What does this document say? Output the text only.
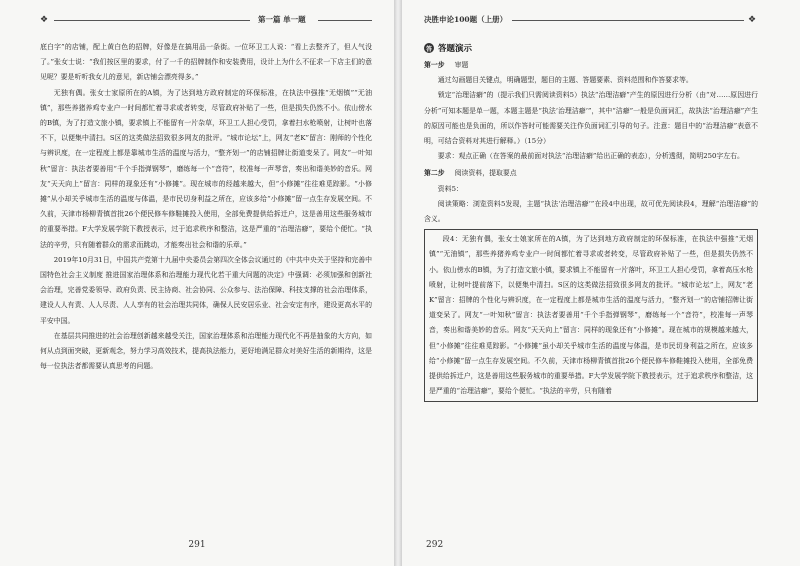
❖	第一篇 单一题

底白字”的店铺，配上黄白色的招牌，好像是在搞用品一条街。一位环卫工人说：“看上去整齐了，但人气没了。”张女士说：“我们按区里的要求，付了一千的招牌制作和安装费用，设计上为什么不征求一下店主们的意见呢？要是听听我女儿的意见，新店铺会漂亮得多。”

无独有偶。张女士家原所在的A镇，为了达到地方政府制定的环保标准，在执法中强推“无烟镇”“无油镇”，那些养猪养鸡专业户一时间都忙着寻求或者转变，尽管政府补贴了一些，但是损失仍然不小。依山傍水的B镇，为了打造文旅小镇，要求镇上不能留有一片杂草，环卫工人担心受罚，拿着扫水枪喷射，让树叶也落不下，以便集中清扫。S区的这类做法招致很多网友的批评。“城市论坛”上，网友“老K”留言：刚师的个性化与辨识度，在一定程度上都是靠城市生活的温度与活力，“整齐划一”的店铺招牌让街道变呆了。网友“一叶知秋”留言：执法者要善用“千个手指弹钢琴”，磨练每一个“音符”，校准每一声琴音，奏出和谐美妙的音乐。网友“天天向上”留言：同样的现象还有“小修摊”。现在城市的经越来越大，但“小修摊”往往难觅踪影。“小修摊”从小却关乎城市生活的温度与体温，是市民切身利益之所在，应该多给“小修摊”留一点生存发展空间。不久前，天津市杨柳青镇首批26个便民修车修鞋摊投入使用，全部免费提供给拆迁户，这是善用这些服务城市的重要举措。F大学发展学院下教授表示，过于追求秩序和整洁，这是严重的“治理洁癖”，要给个便忙。“执法的辛劳，只有随着群众的需求而跳动，才能奏出社会和谐的乐章。”

2019年10月31日，中国共产党第十九届中央委员会第四次全体会议通过的《中共中央关于坚持和完善中国特色社会主义制度 推进国家治理体系和治理能力现代化若干重大问题的决定》中强调：必须加强和创新社会治理，完善党委领导、政府负责、民主协商、社会协同、公众参与、法治保障、科技支撑的社会治理体系，建设人人有责、人人尽责、人人享有的社会治理共同体，确保人民安居乐业、社会安定有序，建设更高水平的平安中国。

在基层共同推进的社会治理创新越来越受关注，国家治理体系和治理能力现代化不再是抽象的大方向，如何从点到面突破，更新观念，努力学习高效技术，提高执法能力，更好地满足群众对美好生活的新期待，这是每一位执法者都需要认真思考的问题。

291
决胜申论100题（上册）	❖
答 答题演示
第一步 审题

通过勾画题目关键点，明确题型，题目的主题、答题要素、资料范围和作答要求等。

锁定“治理洁癖”的（提示我们只需阅读资料5）执法“治理洁癖”产生的原因进行分析（由“对……原因进行分析”可知本题是单一题，本题主题是“执法‘治理洁癖’”，其中“洁癖”一般是负面词汇，故执法“治理洁癖”产生的原因可能也是负面的，所以作答时可能需要关注作负面词汇引导的句子。注意：题目中的“治理洁癖”表意不明，可结合资料对其进行解释。）（15分）

要求：观点正确（在答案的最前面对执法“治理洁癖”给出正确的表态），分析透彻，简明250字左右。

第二步 阅读资料，提取要点

资料5：

阅读策略：浏览资料5发现，主题“执法‘治理洁癖’”在段4中出现，故可优先阅读段4，理解“治理洁癖”的含义。

段4：无独有偶，张女士娘家所在的A镇，为了达到地方政府制定的环保标准，在执法中强推“无烟镇”“无油镇”，那些养猪养鸡专业户一时间都忙着寻求或者转变，尽管政府补贴了一些，但是损失仍然不小。依山傍水的B镇，为了打造文旅小镇，要求镇上不能留有一片落叶，环卫工人担心受罚，拿着高压水枪喷射，让树叶提前落下，以便集中清扫。S区的这类做法招致很多网友的批评。“城市论坛”上，网友“老K”留言：招牌的个性化与辨识度，在一定程度上都是城市生活的温度与活力，“整齐划一”的店铺招牌让街道变呆了。网友“一叶知秋”留言：执法者要善用“千个手指弹钢琴”，磨练每一个“音符”，校准每一声琴音，奏出和谐美妙的音乐。网友“天天向上”留言：同样的现象还有“小修摊”。现在城市的规模越来越大，但“小修摊”往往难觅踪影。“小修摊”虽小却关乎城市生活的温度与体温，是市民切身利益之所在，应该多给“小修摊”留一点生存发展空间。不久前，天津市杨柳青镇首批26个便民修车修鞋摊投入使用，全部免费提供给拆迁户，这是善用这些服务城市的重要举措。F大学发展学院下教授表示，过于追求秩序和整洁，这是严重的“治理洁癖”，要给个便忙。“执法的辛劳，只有随着

292
